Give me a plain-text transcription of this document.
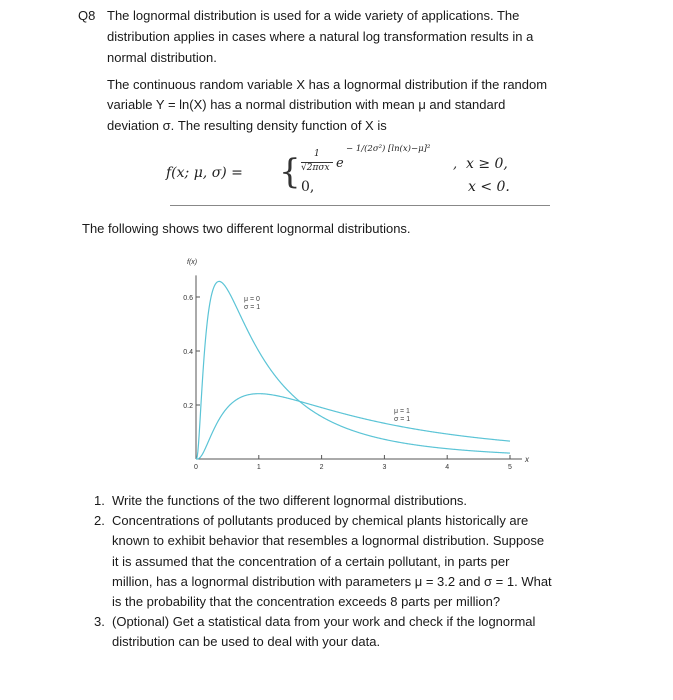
Q8 The lognormal distribution is used for a wide variety of applications. The
distribution applies in cases where a natural log transformation results in a
normal distribution.
The continuous random variable X has a lognormal distribution if the random
variable Y = ln(X) has a normal distribution with mean μ and standard
deviation σ. The resulting density function of X is
f(x; μ, σ) = { 1
√2πσx e
− 1/(2σ²) [ln(x)−μ]²
, x ≥ 0,
0,	x < 0.
The following shows two different lognormal distributions.
f(x)
x
0.2
0.4
0.6
0	1	2	3	4	5
μ = 0
σ = 1
μ = 1
σ = 1
1. Write the functions of the two different lognormal distributions.
2. Concentrations of pollutants produced by chemical plants historically are
known to exhibit behavior that resembles a lognormal distribution. Suppose
it is assumed that the concentration of a certain pollutant, in parts per
million, has a lognormal distribution with parameters μ = 3.2 and σ = 1. What
is the probability that the concentration exceeds 8 parts per million?
3. (Optional) Get a statistical data from your work and check if the lognormal
distribution can be used to deal with your data.
